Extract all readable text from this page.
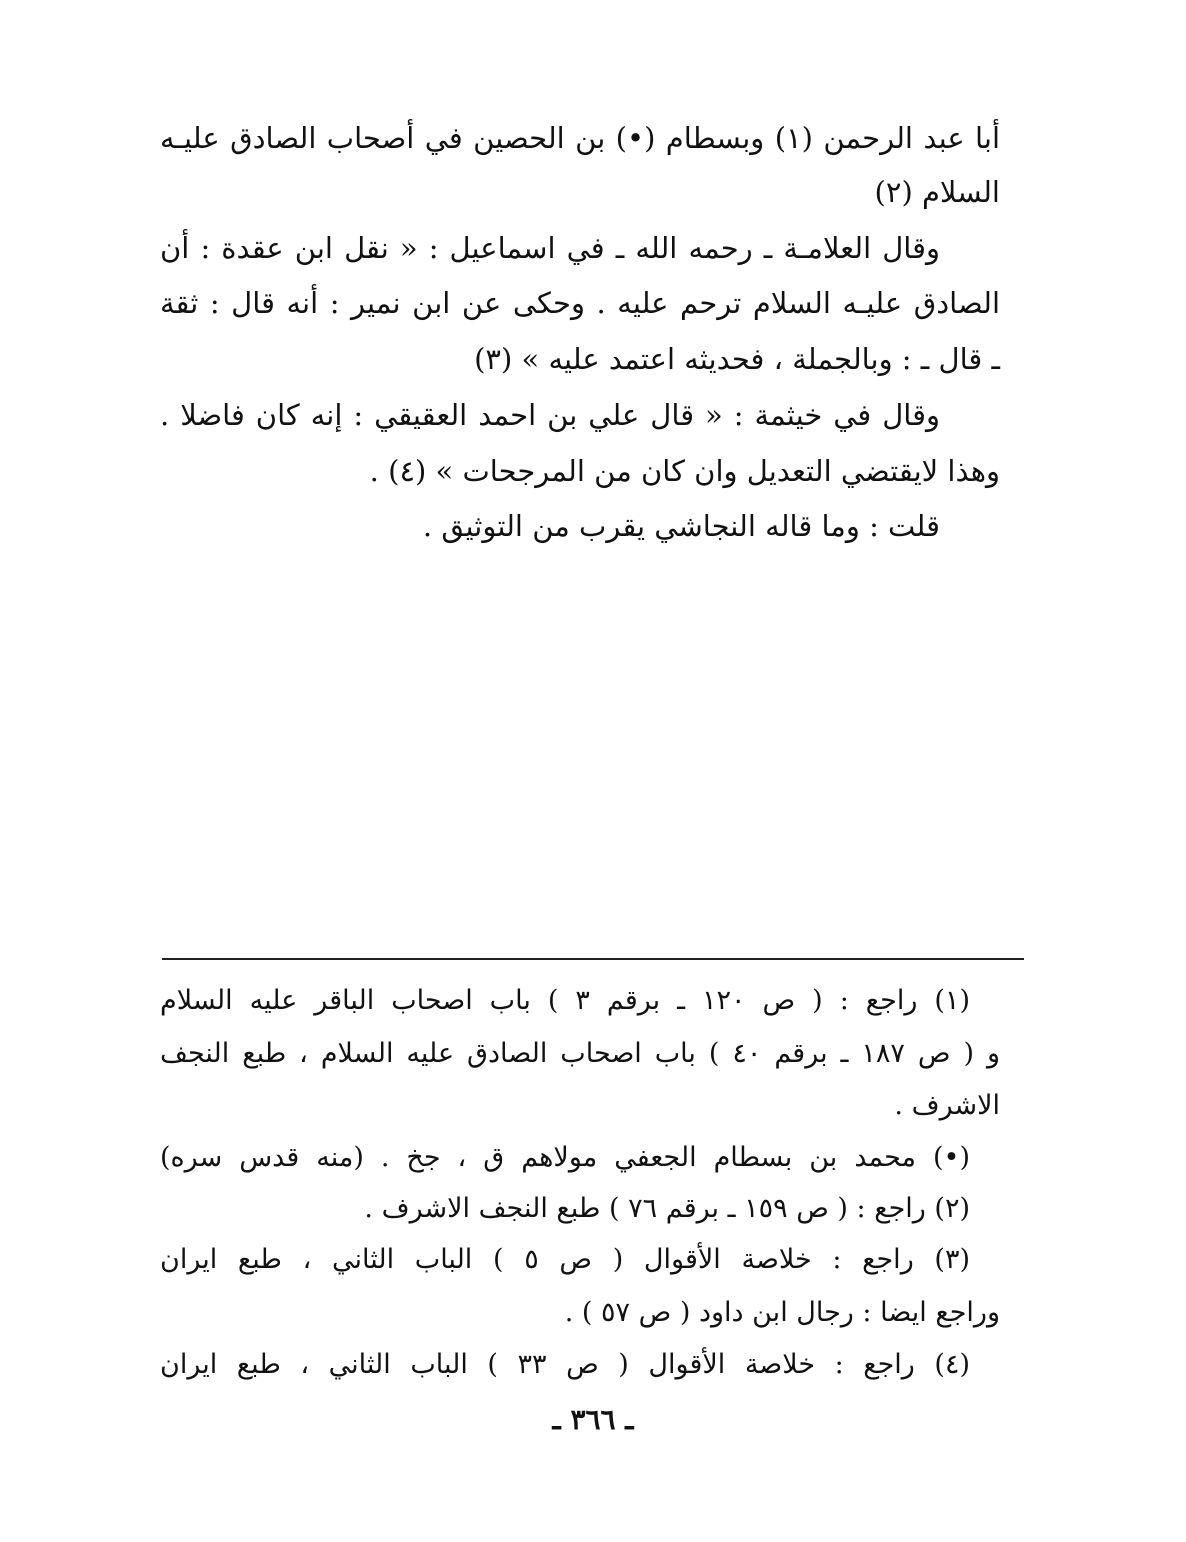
أبا عبد الرحمن (١) وبسطام (•) بن الحصين في أصحاب الصادق عليـه
السلام (٢)
وقال العلامـة ـ رحمه الله ـ في اسماعيل : « نقل ابن عقدة : أن
الصادق عليـه السلام ترحم عليه . وحكى عن ابن نمير : أنه قال : ثقة
ـ قال ـ : وبالجملة ، فحديثه اعتمد عليه » (٣)
وقال في خيثمة : « قال علي بن احمد العقيقي : إنه كان فاضلا .
وهذا لايقتضي التعديل وان كان من المرجحات » (٤) .
قلت : وما قاله النجاشي يقرب من التوثيق .
(١) راجع : ( ص ١٢٠ ـ برقم ٣ ) باب اصحاب الباقر عليه السلام
و ( ص ١٨٧ ـ برقم ٤٠ ) باب اصحاب الصادق عليه السلام ، طبع النجف
الاشرف .
(•) محمد بن بسطام الجعفي مولاهم ق ، جخ . (منه قدس سره)
(٢) راجع : ( ص ١٥٩ ـ برقم ٧٦ ) طبع النجف الاشرف .
(٣) راجع : خلاصة الأقوال ( ص ٥ ) الباب الثاني ، طبع ايران
وراجع ايضا : رجال ابن داود ( ص ٥٧ ) .
(٤) راجع : خلاصة الأقوال ( ص ٣٣ ) الباب الثاني ، طبع ايران
ـ ٣٦٦ ـ
